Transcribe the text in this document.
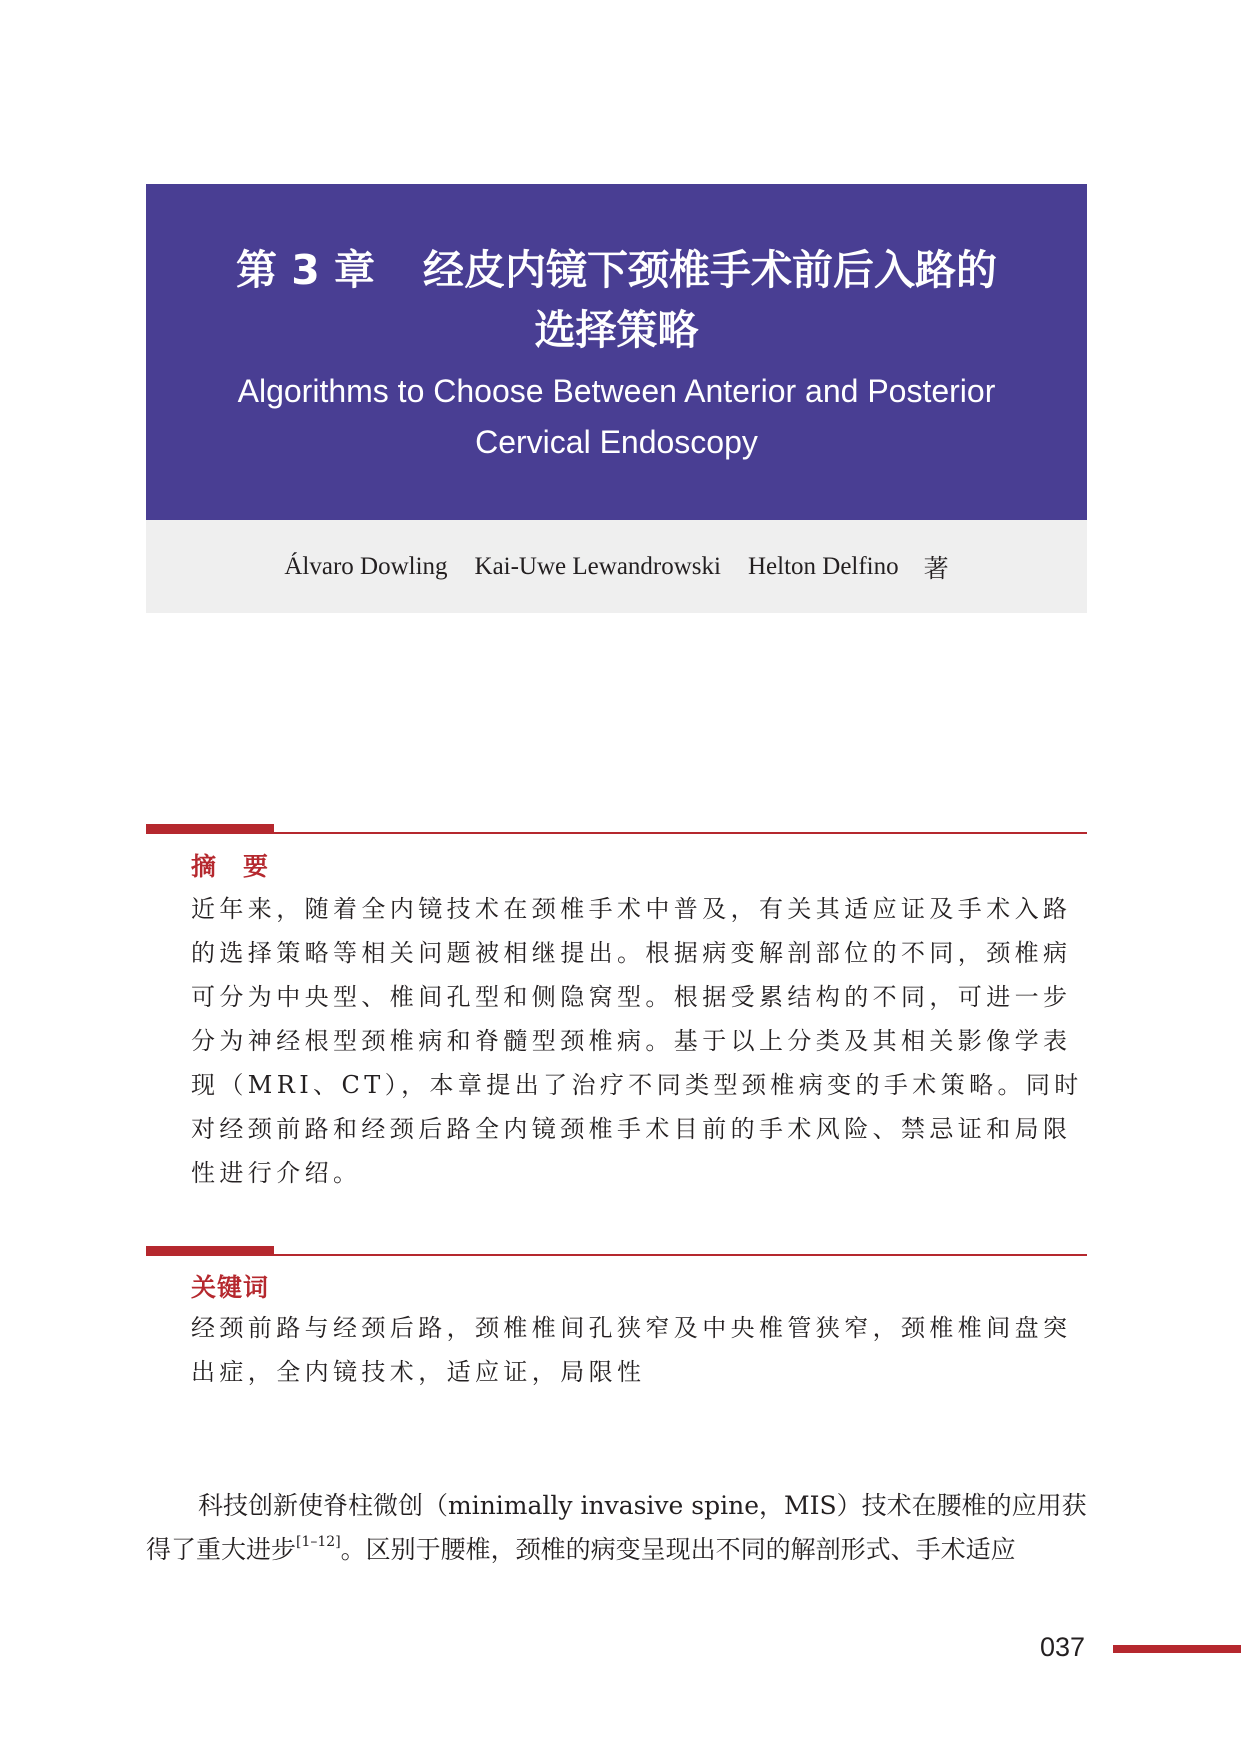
第 3 章 经皮内镜下颈椎手术前后入路的
选择策略
Algorithms to Choose Between Anterior and Posterior
Cervical Endoscopy
Álvaro Dowling Kai-Uwe Lewandrowski Helton Delfino 著
摘　要
近年来，随着全内镜技术在颈椎手术中普及，有关其适应证及手术入路
的选择策略等相关问题被相继提出。根据病变解剖部位的不同，颈椎病
可分为中央型、椎间孔型和侧隐窝型。根据受累结构的不同，可进一步
分为神经根型颈椎病和脊髓型颈椎病。基于以上分类及其相关影像学表
现（MRI、CT），本章提出了治疗不同类型颈椎病变的手术策略。同时
对经颈前路和经颈后路全内镜颈椎手术目前的手术风险、禁忌证和局限
性进行介绍。
关键词
经颈前路与经颈后路，颈椎椎间孔狭窄及中央椎管狭窄，颈椎椎间盘突
出症，全内镜技术，适应证，局限性
科技创新使脊柱微创（minimally invasive spine，MIS）技术在腰椎的应用获
得了重大进步[1–12]。区别于腰椎，颈椎的病变呈现出不同的解剖形式、手术适应
037
